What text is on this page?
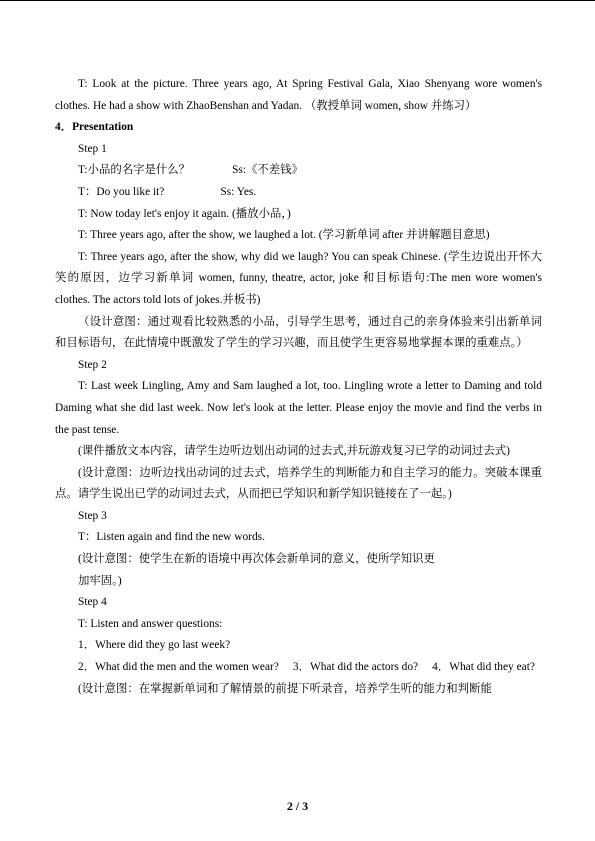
T: Look at the picture. Three years ago, At Spring Festival Gala, Xiao Shenyang wore women's clothes. He had a show with ZhaoBenshan and Yadan. （教授单词 women, show 并练习）

4．Presentation

Step 1

T:小品的名字是什么？	Ss:《不差钱》

T：Do you like it?	Ss: Yes.

T: Now today let's enjoy it again. (播放小品，)

T: Three years ago, after the show, we laughed a lot. (学习新单词 after 并讲解题目意思)

T: Three years ago, after the show, why did we laugh? You can speak Chinese. (学生边说出开怀大笑的原因，边学习新单词 women, funny, theatre, actor, joke 和目标语句:The men wore women's clothes. The actors told lots of jokes.并板书)

（设计意图：通过观看比较熟悉的小品，引导学生思考，通过自己的亲身体验来引出新单词和目标语句，在此情境中既激发了学生的学习兴趣，而且使学生更容易地掌握本课的重难点。）

Step 2

T: Last week Lingling, Amy and Sam laughed a lot, too. Lingling wrote a letter to Daming and told Daming what she did last week. Now let's look at the letter. Please enjoy the movie and find the verbs in the past tense.

(课件播放文本内容，请学生边听边划出动词的过去式,并玩游戏复习已学的动词过去式)

(设计意图：边听边找出动词的过去式，培养学生的判断能力和自主学习的能力。突破本课重点。请学生说出已学的动词过去式，从而把已学知识和新学知识链接在了一起。)

Step 3

T：Listen again and find the new words.

(设计意图：使学生在新的语境中再次体会新单词的意义，使所学知识更

加牢固。)

Step 4

T: Listen and answer questions:

1．Where did they go last week?

2．What did the men and the women wear? 3．What did the actors do? 4．What did they eat?

(设计意图：在掌握新单词和了解情景的前提下听录音，培养学生听的能力和判断能

2 / 3
